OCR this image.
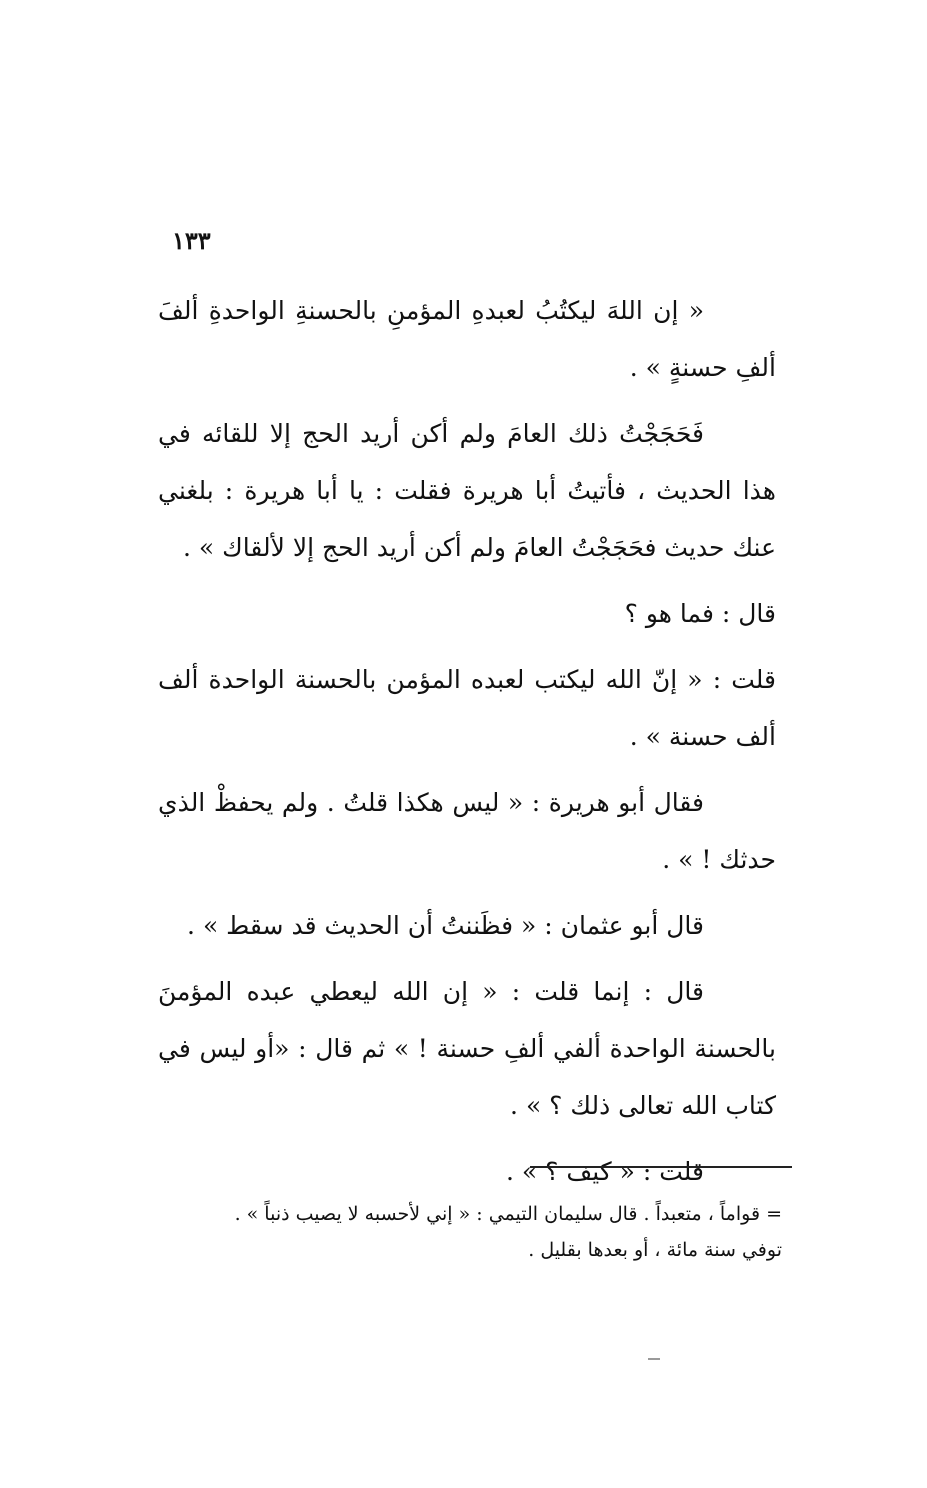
١٣٣

« إن اللهَ ليكتُبُ لعبدهِ المؤمنِ بالحسنةِ الواحدةِ ألفَ ألفِ حسنةٍ » .

فَحَجَجْتُ ذلك العامَ ولم أكن أريد الحج إلا للقائه في هذا الحديث ، فأتيتُ أبا هريرة فقلت : يا أبا هريرة : بلغني عنك حديث فحَجَجْتُ العامَ ولم أكن أريد الحج إلا لألقاك » .

قال : فما هو ؟

قلت : « إنّ الله ليكتب لعبده المؤمن بالحسنة الواحدة ألف ألف حسنة » .

فقال أبو هريرة : « ليس هكذا قلتُ . ولم يحفظْ الذي حدثك ! » .

قال أبو عثمان : « فظَننتُ أن الحديث قد سقط » .

قال : إنما قلت : « إن الله ليعطي عبده المؤمنَ بالحسنة الواحدة ألفي ألفِ حسنة ! » ثم قال : «أو ليس في كتاب الله تعالى ذلك ؟ » .

قلت : « كيف ؟ » .

= قواماً ، متعبداً . قال سليمان التيمي : « إني لأحسبه لا يصيب ذنباً » .

توفي سنة مائة ، أو بعدها بقليل .
